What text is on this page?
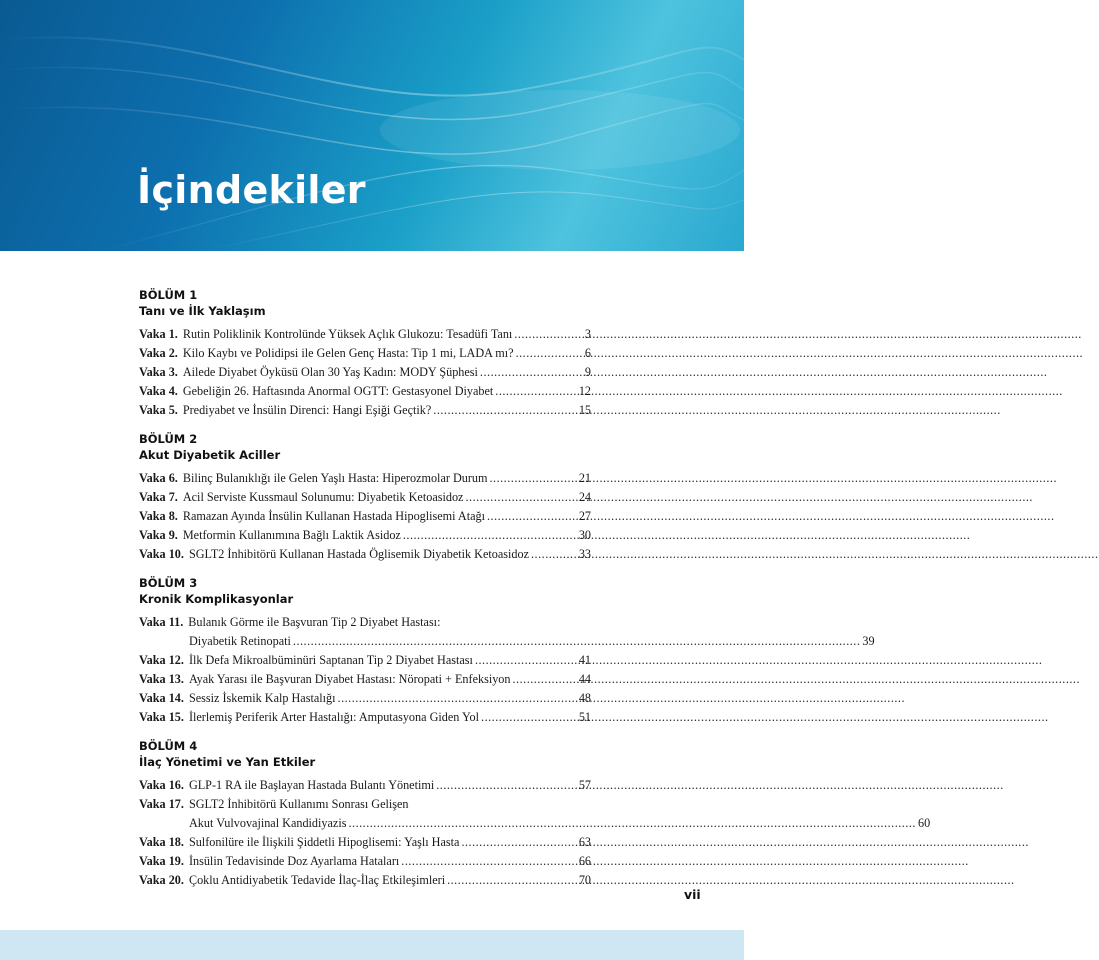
İçindekiler
BÖLÜM 1
Tanı ve İlk Yaklaşım
Vaka 1. Rutin Poliklinik Kontrolünde Yüksek Açlık Glukozu: Tesadüfi Tanı .....	3
Vaka 2. Kilo Kaybı ve Polidipsi ile Gelen Genç Hasta: Tip 1 mi, LADA mı? .....	6
Vaka 3. Ailede Diyabet Öyküsü Olan 30 Yaş Kadın: MODY Şüphesi .....	9
Vaka 4. Gebeliğin 26. Haftasında Anormal OGTT: Gestasyonel Diyabet .....	12
Vaka 5. Prediyabet ve İnsülin Direnci: Hangi Eşiği Geçtik? .....	15
BÖLÜM 2
Akut Diyabetik Aciller
Vaka 6. Bilinç Bulanıklığı ile Gelen Yaşlı Hasta: Hiperozmolar Durum .....	21
Vaka 7. Acil Serviste Kussmaul Solunumu: Diyabetik Ketoasidoz .....	24
Vaka 8. Ramazan Ayında İnsülin Kullanan Hastada Hipoglisemi Atağı .....	27
Vaka 9. Metformin Kullanımına Bağlı Laktik Asidoz .....	30
Vaka 10. SGLT2 İnhibitörü Kullanan Hastada Öglisemik Diyabetik Ketoasidoz .....	33
BÖLÜM 3
Kronik Komplikasyonlar
Vaka 11. Bulanık Görme ile Başvuran Tip 2 Diyabet Hastası:
Diyabetik Retinopati .....	39
Vaka 12. İlk Defa Mikroalbüminüri Saptanan Tip 2 Diyabet Hastası .....	41
Vaka 13. Ayak Yarası ile Başvuran Diyabet Hastası: Nöropati + Enfeksiyon .....	44
Vaka 14. Sessiz İskemik Kalp Hastalığı .....	48
Vaka 15. İlerlemiş Periferik Arter Hastalığı: Amputasyona Giden Yol .....	51
BÖLÜM 4
İlaç Yönetimi ve Yan Etkiler
Vaka 16. GLP-1 RA ile Başlayan Hastada Bulantı Yönetimi .....	57
Vaka 17. SGLT2 İnhibitörü Kullanımı Sonrası Gelişen
Akut Vulvovajinal Kandidiyazis .....	60
Vaka 18. Sulfonilüre ile İlişkili Şiddetli Hipoglisemi: Yaşlı Hasta .....	63
Vaka 19. İnsülin Tedavisinde Doz Ayarlama Hataları .....	66
Vaka 20. Çoklu Antidiyabetik Tedavide İlaç-İlaç Etkileşimleri .....	70
vii
